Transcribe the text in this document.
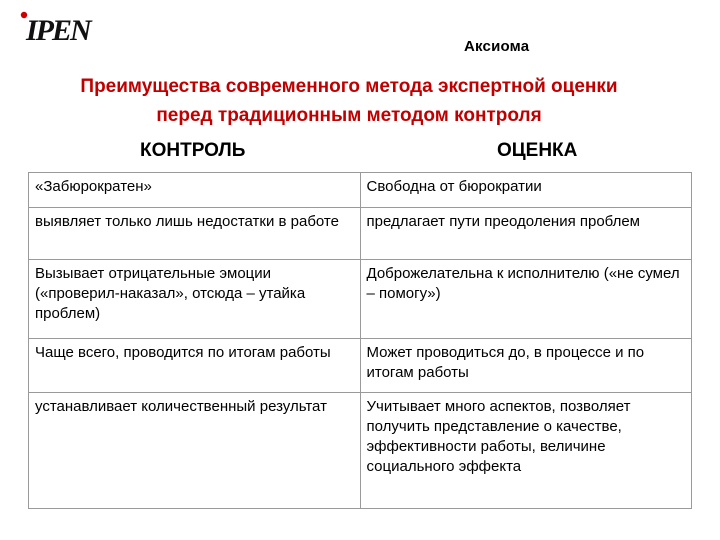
IPEN	Аксиома
Преимущества современного метода экспертной оценки
перед традиционным методом контроля
КОНТРОЛЬ	ОЦЕНКА
«Забюрократен»	Свободна от бюрократии
выявляет только лишь недостатки в работе	предлагает пути преодоления проблем
Вызывает отрицательные эмоции («проверил-наказал», отсюда – утайка проблем)	Доброжелательна к исполнителю («не сумел – помогу»)
Чаще всего, проводится по итогам работы	Может проводиться до, в процессе и по итогам работы
устанавливает количественный результат	Учитывает много аспектов, позволяет получить представление о качестве, эффективности работы, величине социального эффекта
